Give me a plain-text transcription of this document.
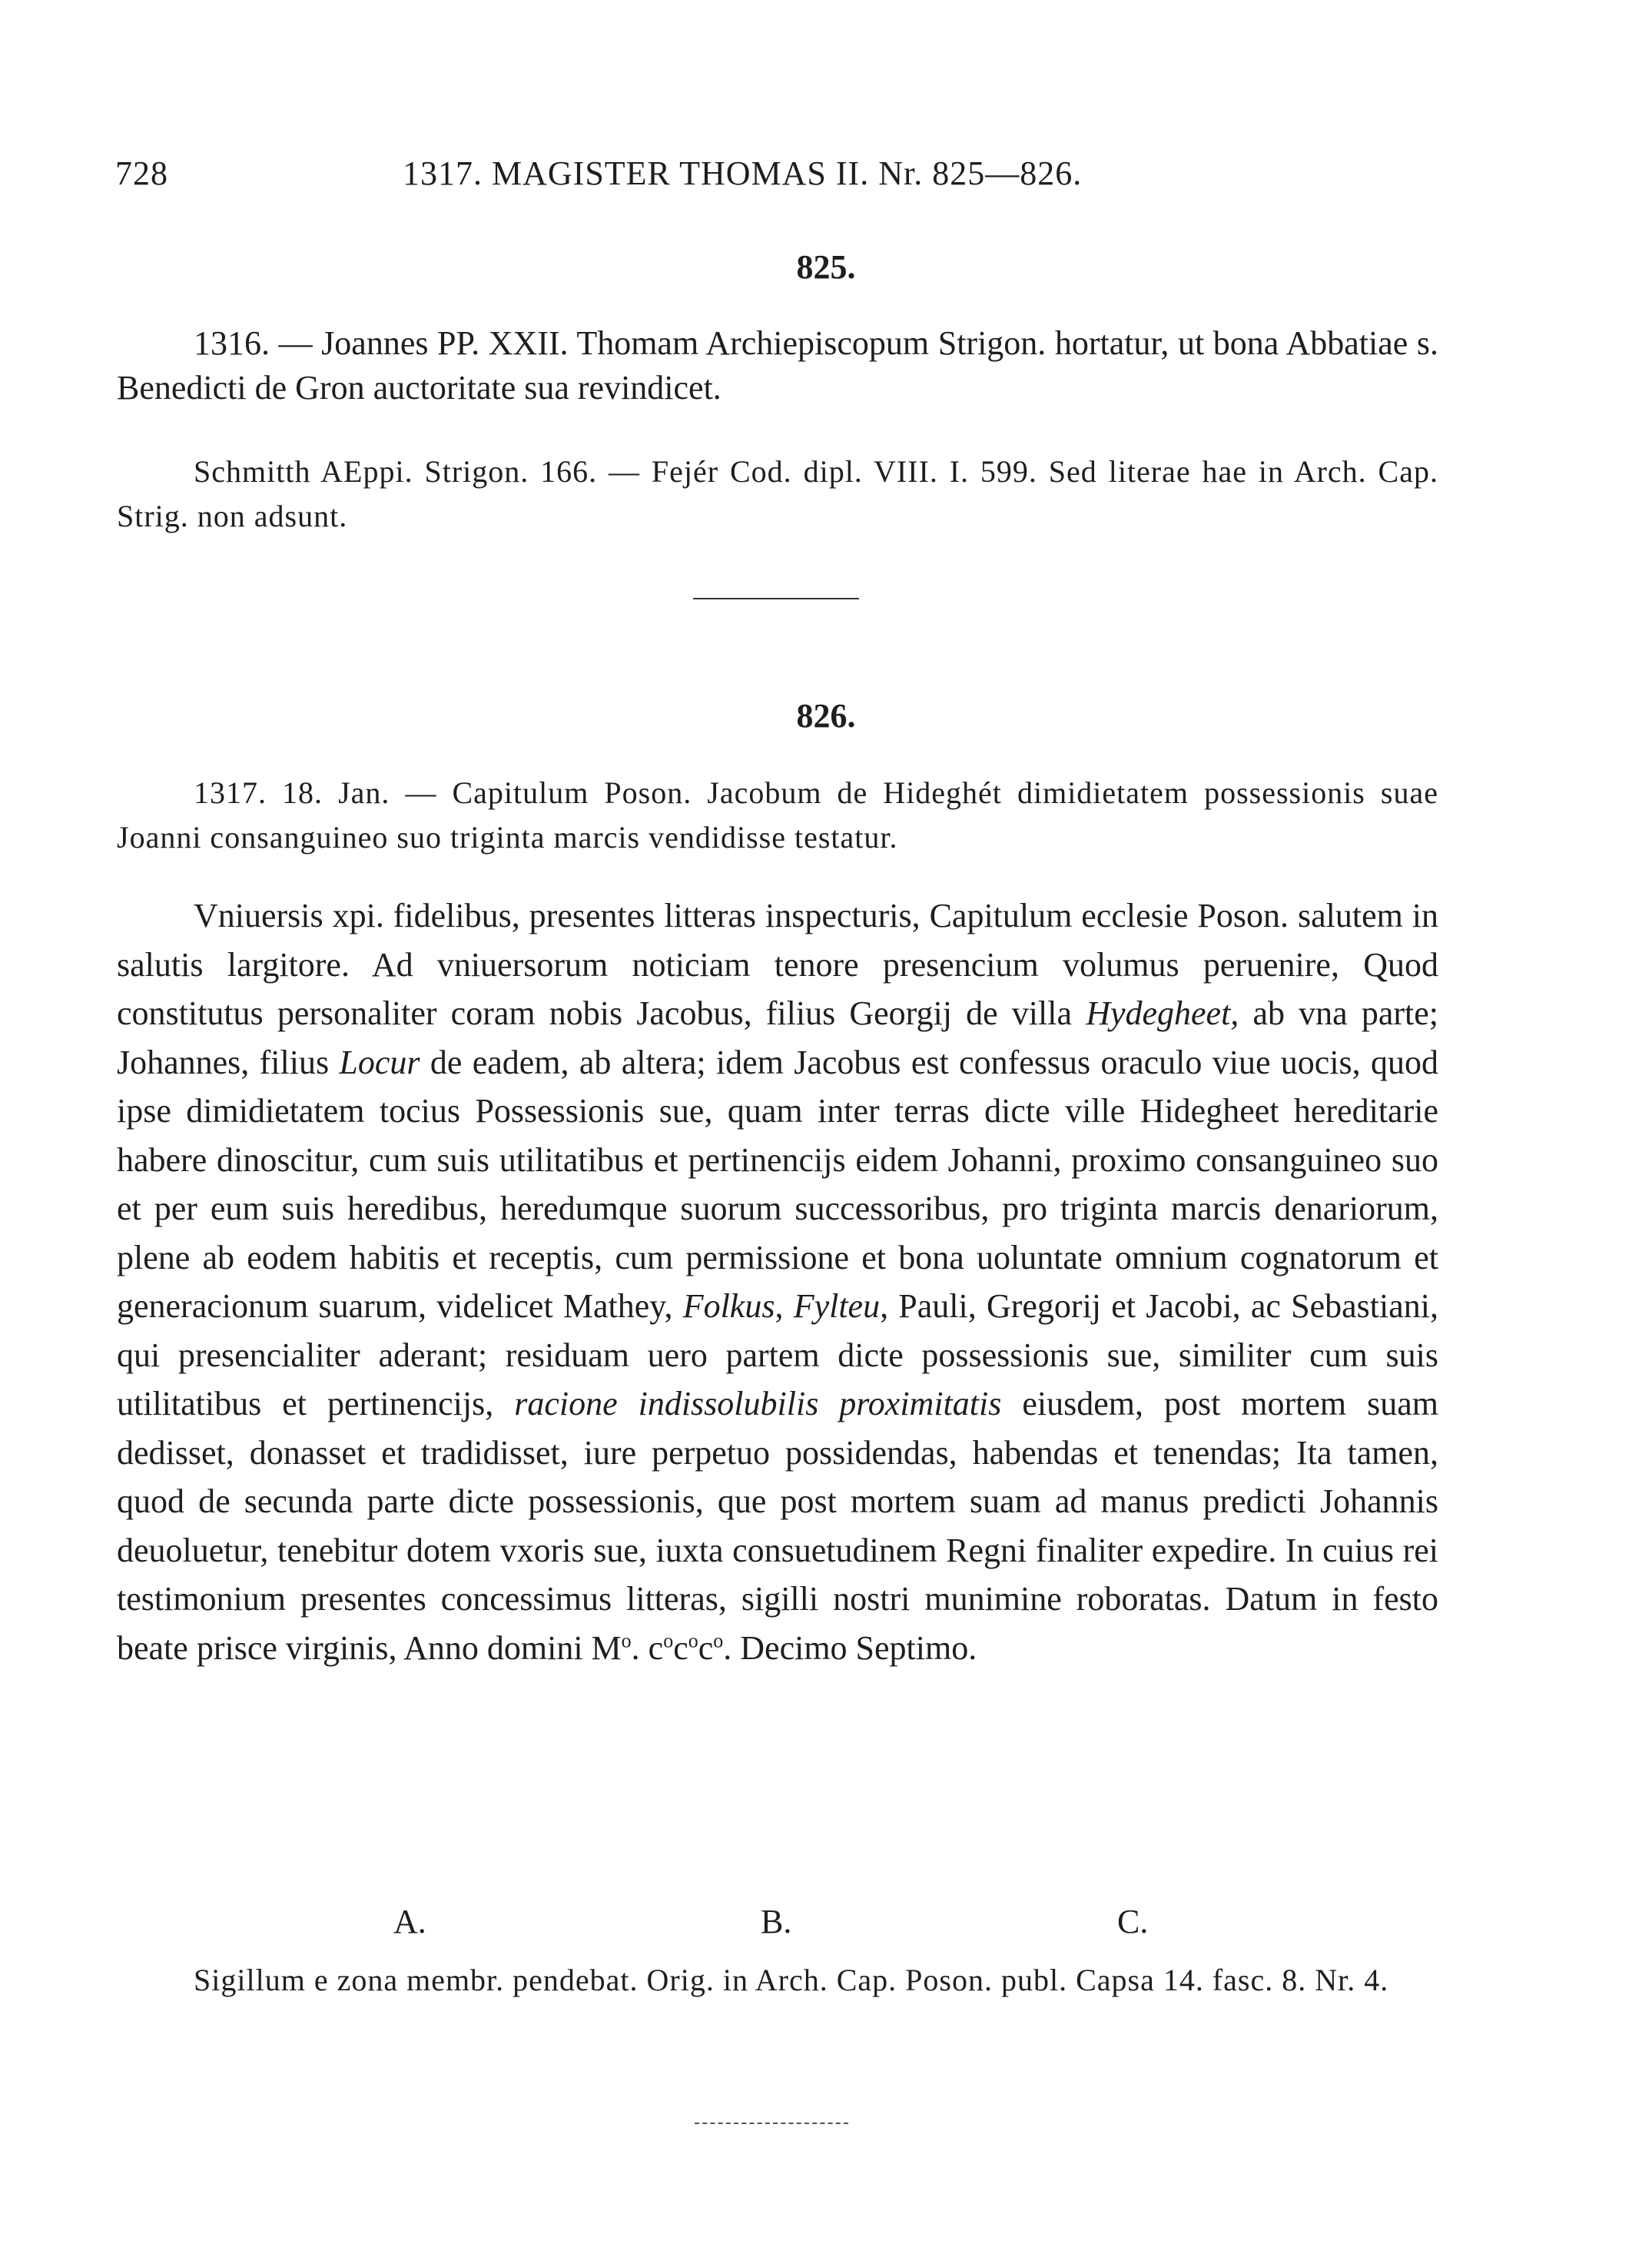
728	1317. MAGISTER THOMAS II. Nr. 825—826.
825.

1316. — Joannes PP. XXII. Thomam Archiepiscopum Strigon. hortatur, ut bona Abbatiae s. Benedicti de Gron auctoritate sua revindicet.

Schmitth AEppi. Strigon. 166. — Fejér Cod. dipl. VIII. I. 599. Sed literae hae in Arch. Cap. Strig. non adsunt.

826.

1317. 18. Jan. — Capitulum Poson. Jacobum de Hideghét dimidietatem possessionis suae Joanni consanguineo suo triginta marcis vendidisse testatur.

Vniuersis xpi. fidelibus, presentes litteras inspecturis, Capitulum ecclesie Poson. salutem in salutis largitore. Ad vniuersorum noticiam tenore presencium volumus peruenire, Quod constitutus personaliter coram nobis Jacobus, filius Georgij de villa Hydegheet, ab vna parte; Johannes, filius Locur de eadem, ab altera; idem Jacobus est confessus oraculo viue uocis, quod ipse dimidietatem tocius Possessionis sue, quam inter terras dicte ville Hidegheet hereditarie habere dinoscitur, cum suis utilitatibus et pertinencijs eidem Johanni, proximo consanguineo suo et per eum suis heredibus, heredumque suorum successoribus, pro triginta marcis denariorum, plene ab eodem habitis et receptis, cum permissione et bona uoluntate omnium cognatorum et generacionum suarum, videlicet Mathey, Folkus, Fylteu, Pauli, Gregorij et Jacobi, ac Sebastiani, qui presencialiter aderant; residuam uero partem dicte possessionis sue, similiter cum suis utilitatibus et pertinencijs, racione indissolubilis proximitatis eiusdem, post mortem suam dedisset, donasset et tradidisset, iure perpetuo possidendas, habendas et tenendas; Ita tamen, quod de secunda parte dicte possessionis, que post mortem suam ad manus predicti Johannis deuoluetur, tenebitur dotem vxoris sue, iuxta consuetudinem Regni finaliter expedire. In cuius rei testimonium presentes concessimus litteras, sigilli nostri munimine roboratas. Datum in festo beate prisce virginis, Anno domini $M^o$. $c^oc^oc^o$. Decimo Septimo.

A.	B.	C.

Sigillum e zona membr. pendebat. Orig. in Arch. Cap. Poson. publ. Capsa 14. fasc. 8. Nr. 4.
